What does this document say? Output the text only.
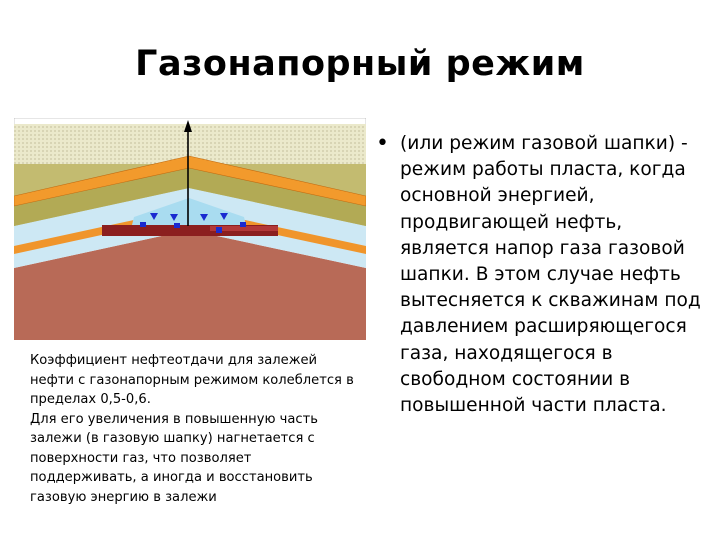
Газонапорный режим

Коэффициент нефтеотдачи для залежей нефти с газонапорным режимом колеблется в пределах 0,5-0,6.

Для его увеличения в повышенную часть залежи (в газовую шапку) нагнетается с поверхности газ, что позволяет поддерживать, а иногда и восстановить газовую энергию в залежи

• (или режим газовой шапки) - режим работы пласта, когда основной энергией, продвигающей нефть, является напор газа газовой шапки. В этом случае нефть вытесняется к скважинам под давлением расширяющегося газа, находящегося в свободном состоянии в повышенной части пласта.
